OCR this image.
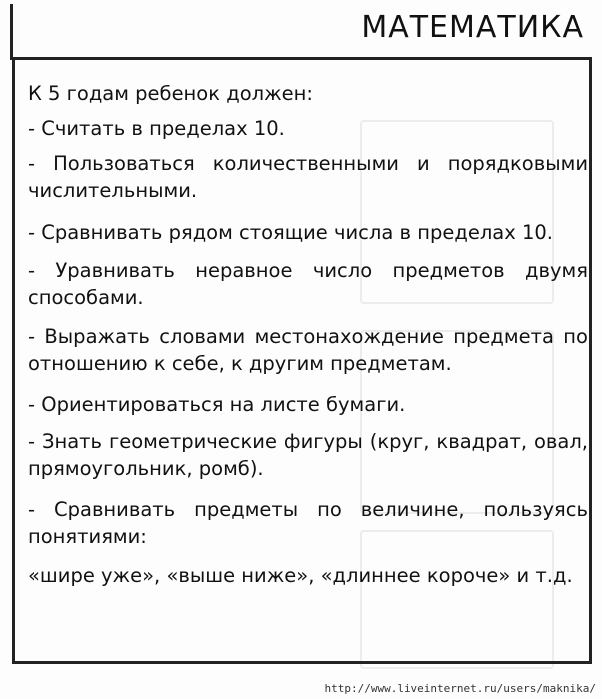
МАТЕМАТИКА
К 5 годам ребенок должен:
- Считать в пределах 10.
- Пользоваться количественными и порядковыми числительными.
- Сравнивать рядом стоящие числа в пределах 10.
- Уравнивать неравное число предметов двумя способами.
- Выражать словами местонахождение предмета по отношению к себе, к другим предметам.
- Ориентироваться на листе бумаги.
- Знать геометрические фигуры (круг, квадрат, овал, прямоугольник, ромб).
- Сравнивать предметы по величине, пользуясь понятиями:
«шире уже», «выше ниже», «длиннее короче» и т.д.
http://www.liveinternet.ru/users/maknika/
